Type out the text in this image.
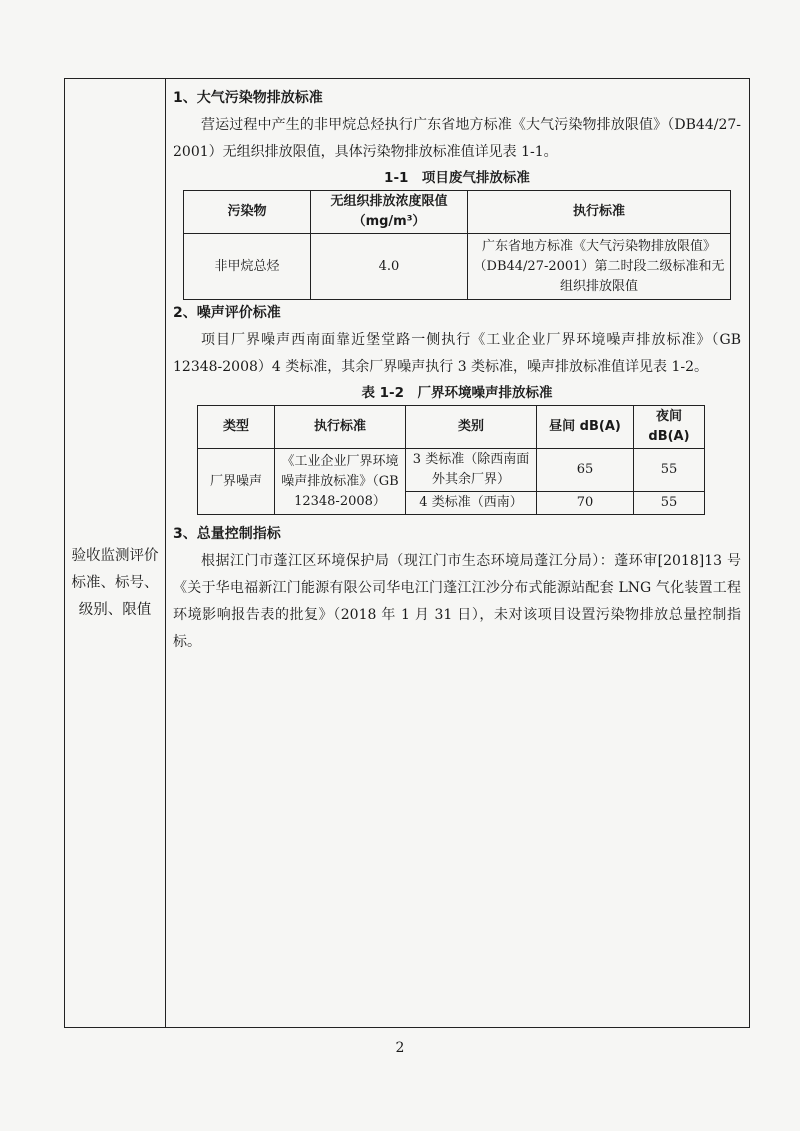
验收监测评价标准、标号、级别、限值

1、大气污染物排放标准

营运过程中产生的非甲烷总烃执行广东省地方标准《大气污染物排放限值》（DB44/27-2001）无组织排放限值，具体污染物排放标准值详见表 1-1。

1-1　项目废气排放标准

污染物	无组织排放浓度限值（mg/m³）	执行标准
非甲烷总烃	4.0	广东省地方标准《大气污染物排放限值》（DB44/27-2001）第二时段二级标准和无组织排放限值

2、噪声评价标准

项目厂界噪声西南面靠近堡堂路一侧执行《工业企业厂界环境噪声排放标准》（GB 12348-2008）4 类标准，其余厂界噪声执行 3 类标准，噪声排放标准值详见表 1-2。

表 1-2　厂界环境噪声排放标准

类型	执行标准	类别	昼间 dB(A)	夜间 dB(A)
厂界噪声	《工业企业厂界环境噪声排放标准》（GB 12348-2008）	3 类标准（除西南面外其余厂界）	65	55
		4 类标准（西南）	70	55

3、总量控制指标

根据江门市蓬江区环境保护局（现江门市生态环境局蓬江分局）：蓬环审[2018]13 号《关于华电福新江门能源有限公司华电江门蓬江江沙分布式能源站配套 LNG 气化装置工程环境影响报告表的批复》（2018 年 1 月 31 日），未对该项目设置污染物排放总量控制指标。

2
